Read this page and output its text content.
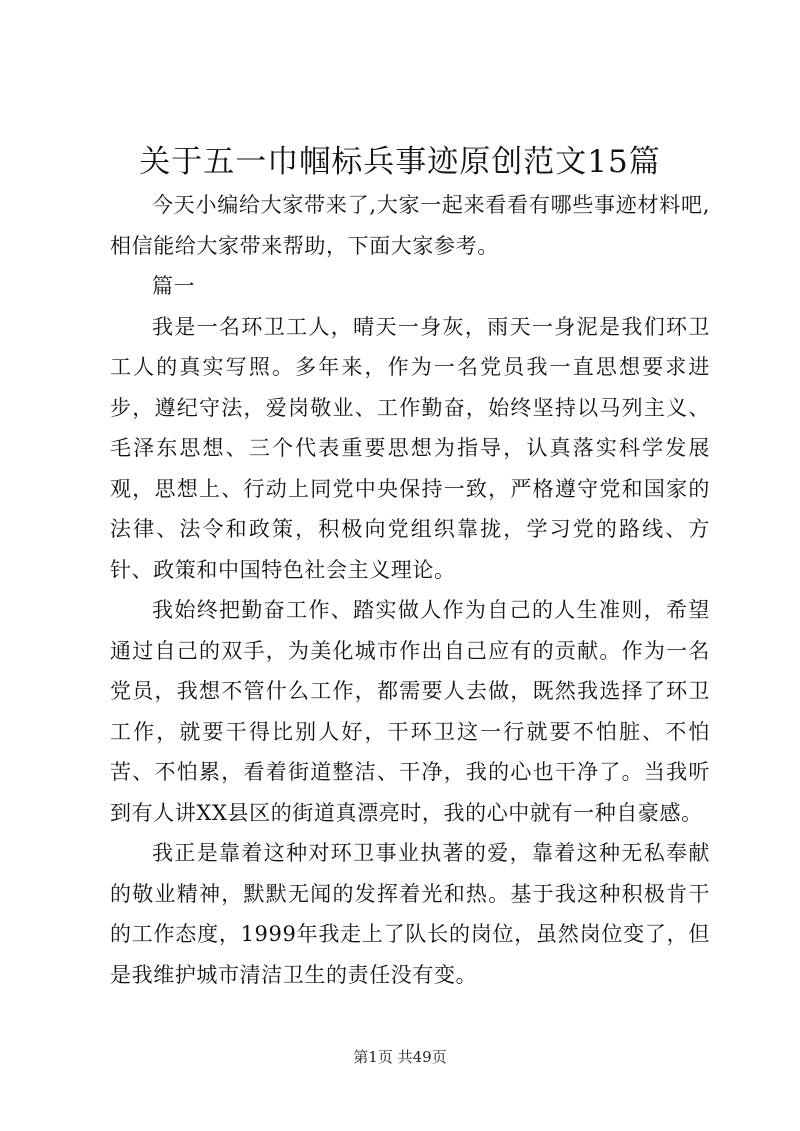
关于五一巾帼标兵事迹原创范文15篇

今天小编给大家带来了,大家一起来看看有哪些事迹材料吧,相信能给大家带来帮助，下面大家参考。

篇一

我是一名环卫工人，晴天一身灰，雨天一身泥是我们环卫工人的真实写照。多年来，作为一名党员我一直思想要求进步，遵纪守法，爱岗敬业、工作勤奋，始终坚持以马列主义、毛泽东思想、三个代表重要思想为指导，认真落实科学发展观，思想上、行动上同党中央保持一致，严格遵守党和国家的法律、法令和政策，积极向党组织靠拢，学习党的路线、方针、政策和中国特色社会主义理论。

我始终把勤奋工作、踏实做人作为自己的人生准则，希望通过自己的双手，为美化城市作出自己应有的贡献。作为一名党员，我想不管什么工作，都需要人去做，既然我选择了环卫工作，就要干得比别人好，干环卫这一行就要不怕脏、不怕苦、不怕累，看着街道整洁、干净，我的心也干净了。当我听到有人讲XX县区的街道真漂亮时，我的心中就有一种自豪感。

我正是靠着这种对环卫事业执著的爱，靠着这种无私奉献的敬业精神，默默无闻的发挥着光和热。基于我这种积极肯干的工作态度，1999年我走上了队长的岗位，虽然岗位变了，但是我维护城市清洁卫生的责任没有变。

第1页 共49页
